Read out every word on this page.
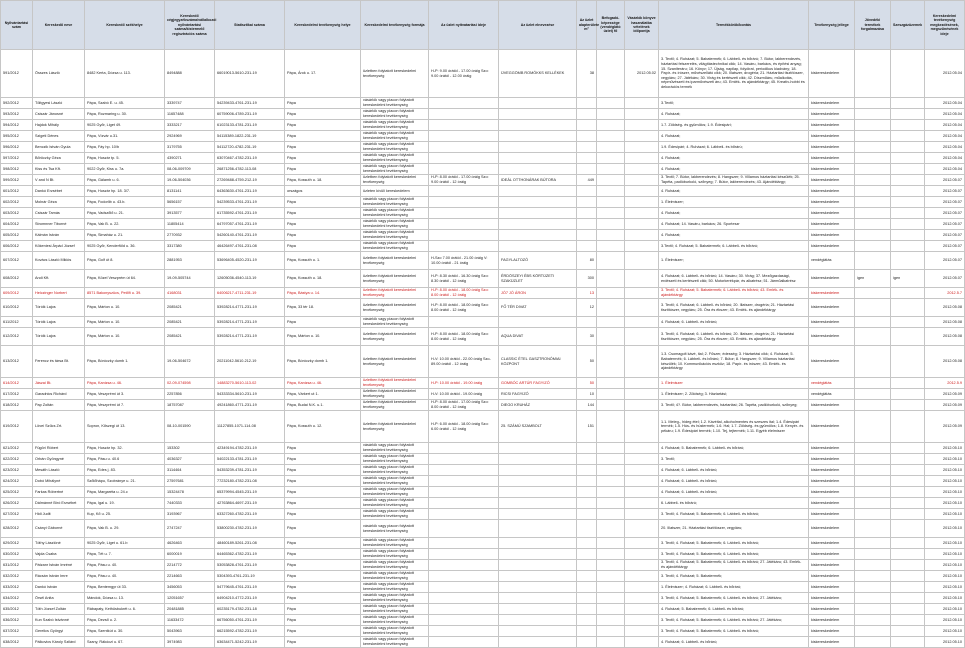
Nyilvántartási szám	Kereskedő neve	Kereskedő székhelye	Kereskedő cégjegyzékszáma/vállalkozói nyilvántartási száma/kistermelő regisztrációs száma	Statisztikai száma	Kereskedelmi tevékenység helye	Kereskedelmi tevékenység formája	Az üzlet nyitvatartási ideje	Az üzlet elnevezése	Az üzlet alapterülete m²	Befogadó-képessége (vendéglátó üzlet) fő	Vásárlók könyve használatba vételének időpontja	Termékkörök/bontás	Tevékenység jellege	Jövedéki termékek forgalmazása	Szeszgázüzemek	Kereskedelmi tevékenység megkezdésének, megszűnésének ideje
591/2012	Összes László	8482 Kerta, Dózsa u. 113.	8494888	66019013-5610-231-19	Pápa, Árok u. 17.	üzletben folytatott kereskedelmi tevékenység	H-P: 9.00 órától - 17.00 óráig Szo: 9.00 órától - 12.00 óráig	ÜVEGGÖMB ROMÓKKS KELLÉKEK	38		2012.05.02	3. Textil; 4. Ruházat; 5. Babatermék; 6. Lábbeli- és bőrárú; 7. Bútor, lakberendezés, háztartási felszerelés, világítástechnikai cikk; 14. Vasáru, barkács, és építési anyag; 15. Szaniteráru; 16. Könyv; 17. Újság, napilap, folyóirat, periodikus kiadvány; 18. Papír- és írószer, művészellátó cikk; 20. Illatszer, drogéria; 21. Háztartási tisztítószer, vegyiáru; 27. Játékáru; 30. Virág és kertészeti cikk; 42. Díszműáru, műalkotás, népművészeti és iparművészeti áru; 43. Emlék- és ajándéktárgy; 45. Kreatív-hobbi és dekorációs termék	kiskereskedelem			2012.05.04
592/2012	Töltgyesi László	Pápa, Szabó E. u. 45.	3339747	54239433-4761-231-19	Pápa	vásárlók vagy piacon folytatott kereskedelmi tevékenység						3.Textil;	kiskereskedelem			2012.05.04
593/2012	Csiszár Jánosné	Pápa, Rozmaring u. 30.	11657488	60759006-4789-231-19	Pápa	vásárlók vagy piacon folytatott kereskedelmi tevékenység						4. Ruházat;	kiskereskedelem			2012.05.04
594/2012	Hajdok Mihály	9025 Győr, Liget 49.	3333217	61023133-4781-231-19	Pápa	vásárlók vagy piacon folytatott kereskedelmi tevékenység						1.7. Zöldség- és gyümölcs; 1.9. Édesipári;	kiskereskedelem			2012.05.04
595/2012	Szigeti Dénes	Pápa, Vízvár u.31.	2924969	54115389-1822-231-19	Pápa	vásárlók vagy piacon folytatott kereskedelmi tevékenység						4. Ruházat;	kiskereskedelem			2012.05.04
596/2012	Benczik István Gyula	Pápa, Fáy hp. 10/b	3179755	54112720-4782-231-19	Pápa	vásárlók vagy piacon folytatott kereskedelmi tevékenység						1.9. Édesipári; 4. Ruházat; 6. Lábbeli- és bőrárú;	kiskereskedelem			2012.05.04
597/2012	Bőröczky Géza	Pápa, Huszár tp. 5.	4390271	63070467-4782-231-19	Pápa	vásárlók vagy piacon folytatott kereskedelmi tevékenység						4. Ruházat;	kiskereskedelem			2012.05.04
598/2012	Kiss és Tsa Kft.	9022 Győr, Kiss u. 7a.	08-06-009709	26871256-4782-113-08	Pápa	vásárlók vagy piacon folytatott kereskedelmi tevékenység						4. Ruházat;	kiskereskedelem			2012.05.04
599/2012	V and N Bt.	Pápa, Gálamb u. 6.	19-06-504036	27269488-4759-212-19	Pápa, Kossuth u. 18.	üzletben folytatott kereskedelmi tevékenység	H-P: 8.00 órától - 17.00 óráig Szo: 9.00 órától - 12 óráig	IDEÁL OTTHONÁRAK BÚTORA	449			3. Textil; 7. Bútor, lakberendezés; 8. Hangszer; 9. Villamos háztartási készülék; 25. Tapéta, padlóburkoló, szőnyeg; 7. Bútor, lakberendezés; 43. Ajándéktárgy;	kiskereskedelem			2012.05.07
601/2012	Dankó Erzsébet	Pápa, Huszár hp. 18. 3/7.	8131141	64363630-4761-231-19	országos	üzleten kívüli kereskedelem						4. Ruházat;	kiskereskedelem			2012.05.07
602/2012	Molnár Géza	Pápa, Fodorlib u. 43.b.	5656157	54239533-4761-231-19	Pápa	vásárlók vagy piacon folytatott kereskedelmi tevékenység						1. Élelmiszer;	kiskereskedelem			2012.05.07
603/2012	Csiszár Tamás	Pápa, Vadszőlő u. 21.	3913577	61735592-4761-231-19	Pápa	vásárlók vagy piacon folytatott kereskedelmi tevékenység						4. Ruházat;	kiskereskedelem			2012.05.07
604/2012	Stromnner Tiborné	Pápa, Vak B. u. 22.	11805414	64797057-4761-231-19	Pápa	vásárlók vagy piacon folytatott kereskedelmi tevékenység						4. Ruházat; 14. Vasáru, barkács; 26. Sporteszr	kiskereskedelem			2012.05.07
605/2012	Kálmán István	Pápa, Simaház u. 21.	2770932	54260140-4761-231-19	Pápa	vásárlók vagy piacon folytatott kereskedelmi tevékenység						4. Ruházat;	kiskereskedelem			2012.05.07
606/2012	Kökeniesi Árpád József	9025 Győr, Kenderföld u. 36.	3317380	46426497-4761-231-08	Pápa	vásárlók vagy piacon folytatott kereskedelmi tevékenység						3.Textil; 4. Ruházat; 5. Babatermék; 6. Lábbeli- és bőrárú;	kiskereskedelem			2012.05.07
607/2012	Kovács László Miklós	Pápa, Golf út 8.	2881953	53696405-4520-231-19	Pápa, Kossuth u. 1.	üzletben folytatott kereskedelmi tevékenység	H-Szo 7.00 órától - 21.00 óráig V: 10.00 órától - 21 óráig	FAGYLALTOZÓ	80			1. Élelmiszer;	vendéglátás			2012.05.07
608/2012	Andi Kft.	Pápa, Közel Veszprém út 64.	19-09-505744	12605036-4540-113-19	Pápa, Kossuth u. 18.	üzletben folytatott kereskedelmi tevékenység	H-P: 8.30 órától - 16.30 óráig Szo: 8.30 órától - 12 óráig	ÉRDÖSZEYI ÉBS KÖRTÜZETI SZAKÜZLET	300			4. Ruházat; 6. Lábbeli- és bőrárú; 14. Vasáru; 30. Virág; 37. Mezőgazdasági, erdészeti és kertészeti cikk; 50. Motorkerékpár, és alkatrész; 51. Járműalkatrész	kiskereskedelem	igen	igen	2012.05.07
609/2012	Helczinger Norbert	8571 Bakonyszücs, Petőfi u. 39.	4168031	64006217-4711-231-19	Pápa, Bástya u. 14.	üzletben folytatott kereskedelmi tevékenység	H-P: 8.00 órától - 18.00 óráig Szo: 8.00 órától - 12 óráig	JÓ7 JÓ ÁRON	13			3. Textil; 4. Ruházat; 5. Babatermék; 6. Lábbeli- és bőrárú; 43. Emlék- és ajándéktárgy	kiskereskedelem			2012.5.7
610/2012	Tóróik Lajos	Pápa, Márton u. 10.	2085421	53928214-4771-231-19	Pápa, 33 tér 18.	üzletben folytatott kereskedelmi tevékenység	H-P: 8.00 órától - 18.00 óráig Szo: 8.00 órától - 12 óráig	FŐ TÉR DIVAT	12			3. Textil; 4. Ruházat; 6. Lábbeli- és bőrárú; 20. Illatszer, drogéria; 21. Háztartási tisztítószer, vegyiáru; 25. Óra és ékszer; 43. Emlék- és ajándéktárgy	kiskereskedelem			2012.05.08
611/2012	Tóróik Lajos	Pápa, Márton u. 10.	2085421	53928214-4771-231-19	Pápa	vásárlók vagy piacon folytatott kereskedelmi tevékenység						4. Ruházat; 6. Lábbeli- és bőrárú;	kiskereskedelem			2012.05.08
612/2012	Tóróik Lajos	Pápa, Márton u. 10.	2085421	53928214-4771-231-19	Pápa, Márton u. 10.	üzletben folytatott kereskedelmi tevékenység	H-P: 8.00 órától - 18.00 óráig Szo: 8.00 órától - 12 óráig	AQUA DIVAT	30			3. Textil; 4. Ruházat; 6. Lábbeli- és bőrárú; 20. Illatszer, drogéria; 21. Háztartási tisztítószer, vegyiáru; 25. Óra és ékszer; 43. Emlék- és ajándéktárgy	kiskereskedelem			2012.05.08
613/2012	Ferencz és társa Bt.	Pápa, Bóróczky dumb 1.	19-06-504672	20211042-5610-212-19	Pápa, Bóróczky domb 1.	üzletben folytatott kereskedelmi tevékenység	H-V: 10.00 órától - 22.00 óráig Szo-89.00 órától - 12 óráig	CLASSIC ÉTEL GASZTRONÓMIAI KÖZPONT	50			1.3. Csomagolt kávé, ital; 2. Fűszer, édesség; 3. Háztartási cikk; 4. Ruházat; 5. Babatermék; 6. Lábbeli- és bőrárú; 7. Bútor; 8. Hangszer; 9. Villamos háztartási készülék; 10. Kommunikációs eszköz; 18. Papír- és írószer; 43. Emlék- és ajándéktárgy	kiskereskedelem			2012.05.08
614/2012	Jászai Bt.	Pápa, Kanizsa u. 46.	02-09-074598	14883270-5610-113-02	Pápa, Kanizsa u. 46.	üzletben folytatott kereskedelmi tevékenység	H-P: 10.00 órától - 19.00 óráig	GOMBÓC ARTÚR FAGYIZÓ	50			1. Élelmiszer	vendéglátás			2012.5.9
617/2012	Garadnics Richárd	Pápa, Veszprémi út 3.	2257856	54333334-5610-231-19	Pápa, Várkert ut 1.	üzletben folytatott kereskedelmi tevékenység	H-V: 10.00 órától - 19.00 óráig	RICSI FAGYIZÓ	10			1. Élelmiszer; 2. Zöldség; 3. Háztartási;	vendéglátás			2012.05.09
618/2012	Pap Zoltán	Pápa, Veszprémi út 7.	18757087	49241860-4771-231-19	Pápa, Budai N.K. u.1.	üzletben folytatott kereskedelmi tevékenység	H-P: 8.00 órától - 17.00 óráig Szo: 8.00 órától - 12 óráig	DIEGO KRUHÁZ	144			3. Textil; 4?. Bútor, lakberendezés, háztartási; 26. Tapéta, padlóburkoló, szőnyeg;	kiskereskedelem			2012.05.09
619/2012	Lövei Szűcs Zrt.	Sopron, Kőszegi út 13.	08-10-001590	11127855-1071-114-08	Pápa, Kossuth u. 12.	üzletben folytatott kereskedelmi tevékenység	H-P: 6.00 órától - 18.00 óráig Szo: 6.00 órától - 12 óráig	25. SZÁMÚ SZAMBOLT	151			1.1. Meleg-, hideg étel; 1.2. Kávéital, alkoholmentes és szeszes ital; 1.4. Édesipári termék; 1.5. Hús- és hústermék; 1.6. Hal; 1.7. Zöldség- és gyümölcs; 1.8. Kenyér- és pékáru; 1.9. Édesipári termék; 1.10. Tej, tejtermék; 1.11. Egyéb élelmiszer	kiskereskedelem			2012.05.09
621/2012	Fügöri Róbert	Pápa, Huszár hp. 32.	153302	42349194-4782-231-19	Pápa	vásárlók vagy piacon folytatott kereskedelmi tevékenység						4. Ruházat; 5. Babatermék; 6. Lábbeli- és bőrárú;	kiskereskedelem			2012.05.10
622/2012	Orbán Gyöngyné	Pápa, Pásu u. 40.6	4036327	54022133-4781-231-19	Pápa	vásárlók vagy piacon folytatott kereskedelmi tevékenység						3. Textil;	kiskereskedelem			2012.05.10
623/2012	Mesáth László	Pápa, Edes j. 83.	3114464	54353239-4781-231-19	Pápa	vásárlók vagy piacon folytatott kereskedelmi tevékenység						4. Ruházat; 6. Lábbeli- és bőrárú;	kiskereskedelem			2012.05.10
624/2012	Dobó Mihályné	Szőlőhápu, Szobránye u. 21.	27597681	77232180-4782-231-08	Pápa	vásárlók vagy piacon folytatott kereskedelmi tevékenység						4. Ruházat; 6. Lábbeli- és bőrárú;	kiskereskedelem			2012.05.10
625/2012	Farkas Róbertné	Pápa, Margaréta u. 24.c	15324478	65379994-4545-231-19	Pápa	vásárlók vagy piacon folytatott kereskedelmi tevékenység						4. Ruházat; 6. Lábbeli- és bőrárú;	kiskereskedelem			2012.05.10
626/2012	Dálmánné Bíró Erzsébet	Pápa, Igal u. 19.	7440333	42763864-4697-231-19	Pápa	vásárlók vagy piacon folytatott kereskedelmi tevékenység						6. Lábbeli- és bőrárú;	kiskereskedelem			2012.05.10
627/2012	Hidi Judit	Kup, Kő u. 25.	3193967	63327260-4782-231-19	Pápa	vásárlók vagy piacon folytatott kereskedelmi tevékenység						3. Textil; 4. Ruházat; 5. Babatermék; 6. Lábbeli- és bőrárú;	kiskereskedelem			2012.05.10
628/2012	Csányi Gáborné	Pápa, Vak B. u. 29.	2747247	53800230-4782-231-19	Pápa	vásárlók vagy piacon folytatott kereskedelmi tevékenység						20. Illatszer, 21. Háztartási tisztítószer, vegyiáru;	kiskereskedelem			2012.05.10
629/2012	Tóthy Lászlóné	9025 Győr, Liget u. 61.b	4626463	48460189-5261-231-08	Pápa	vásárlók vagy piacon folytatott kereskedelmi tevékenység						3. Textil; 4. Ruházat; 5. Babatermék; 6. Lábbeli- és bőrárú;	kiskereskedelem			2012.05.10
630/2012	Vajda Csaba	Pápa, Tét u. 7.	6000019	64465362-4782-231-19	Pápa	vásárlók vagy piacon folytatott kereskedelmi tevékenység						3. Textil; 4. Ruházat; 5. Babatermék; 6. Lábbeli- és bőrárú;	kiskereskedelem			2012.05.10
631/2012	Pátzanr István Imréné	Pápa, Pásu u. 40.	2214772	53053828-4761-231-19	Pápa	vásárlók vagy piacon folytatott kereskedelmi tevékenység						3. Textil; 4. Ruházat; 5. Babatermék; 6. Lábbeli- és bőrárú; 27. Játékáru; 43. Emlék- és ajándéktárgy	kiskereskedelem			2012.05.10
632/2012	Rácsán István Imre	Pápa, Pásu u. 40.	2214663	5304393-4761-231-19	Pápa	vásárlók vagy piacon folytatott kereskedelmi tevékenység						3. Textil; 4. Ruházat; 5. Babatermék;	kiskereskedelem			2012.05.10
633/2012	Dankó István	Pápa, Bentemgyr út 33.	3456053	54779645-4761-231-19	Pápa	vásárlók vagy piacon folytatott kereskedelmi tevékenység						1. Élelmiszer; 4. Ruházat; 6. Lábbeli- és bőrárú;	kiskereskedelem			2012.05.10
634/2012	Örsél Anita	Mándok, Dózsa u. 13.	12051657	64904210-4772-231-19	Pápa	vásárlók vagy piacon folytatott kereskedelmi tevékenység						3. Textil; 4. Ruházat; 5. Babatermék; 6. Lábbeli- és bőrárú; 27. Játékáru;	kiskereskedelem			2012.05.10
635/2012	Tóth József Zoltán	Rábapaty, Kethüsbukrét u. 6.	20481885	60235179-4782-231-18	Pápa	vásárlók vagy piacon folytatott kereskedelmi tevékenység						4. Ruházat; 5. Babatermék; 6. Lábbeli- és bőrárú;	kiskereskedelem			2012.05.10
636/2012	Kun Szabó Istvánné	Pápa, Dezső u. 2.	11633472	66756050-4761-231-19	Pápa	vásárlók vagy piacon folytatott kereskedelmi tevékenység						3. Textil; 4. Ruházat; 5. Babatermék; 6. Lábbeli- és bőrárú; 27. Játékáru;	kiskereskedelem			2012.05.10
637/2012	Gerelics Györgyi	Pápa, Szentkút u. 30.	5043963	66215592-4782-231-19	Pápa	vásárlók vagy piacon folytatott kereskedelmi tevékenység						3. Textil; 4. Ruházat; 5. Babatermék; 6. Lábbeli- és bőrárú;	kiskereskedelem			2012.05.10
638/2012	Pálkovics Károly Szilárd	Szany, Rákóczi u. 67.	3974983	63634471-5242-231-19	Pápa	vásárlók vagy piacon folytatott kereskedelmi tevékenység						4. Ruházat; 6. Lábbeli- és bőrárú;	kiskereskedelem			2012.05.10
